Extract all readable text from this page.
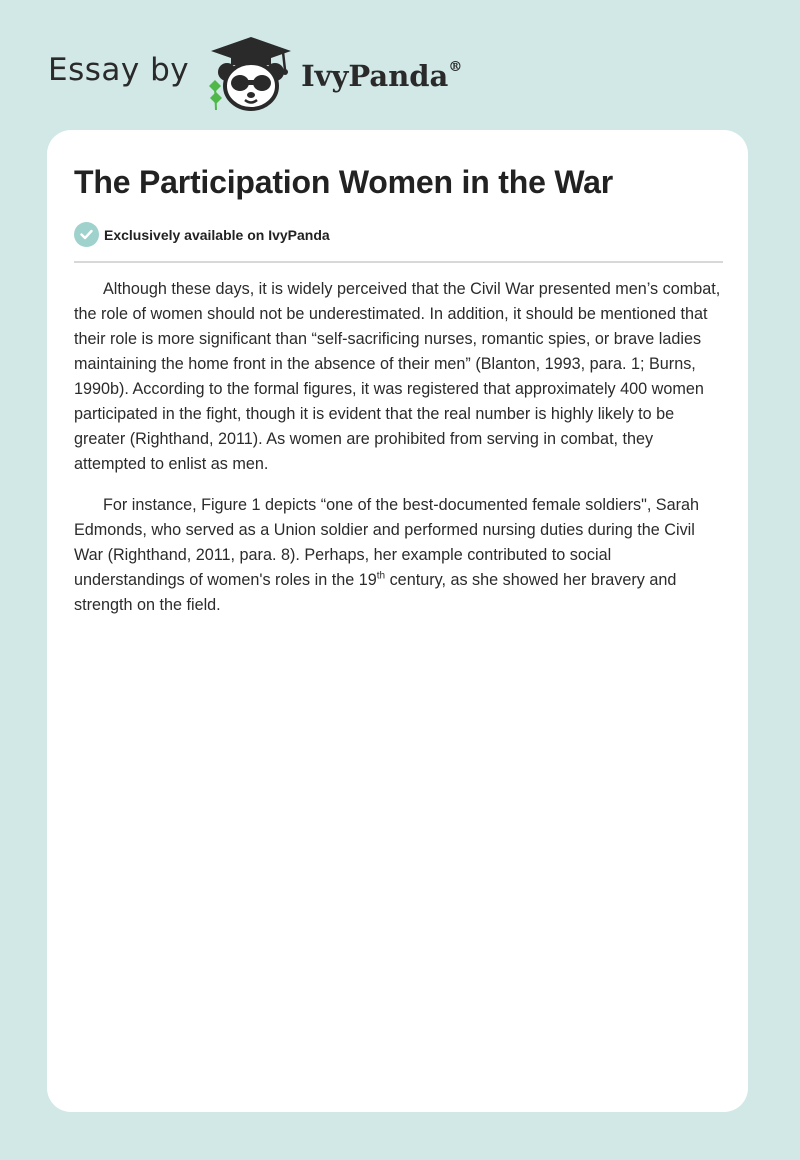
Essay by	IvyPanda®
The Participation Women in the War
Exclusively available on IvyPanda

Although these days, it is widely perceived that the Civil War presented men’s combat, the role of women should not be underestimated. In addition, it should be mentioned that their role is more significant than “self-sacrificing nurses, romantic spies, or brave ladies maintaining the home front in the absence of their men” (Blanton, 1993, para. 1; Burns, 1990b). According to the formal figures, it was registered that approximately 400 women participated in the fight, though it is evident that the real number is highly likely to be greater (Righthand, 2011). As women are prohibited from serving in combat, they attempted to enlist as men.

For instance, Figure 1 depicts “one of the best-documented female soldiers", Sarah Edmonds, who served as a Union soldier and performed nursing duties during the Civil War (Righthand, 2011, para. 8). Perhaps, her example contributed to social understandings of women's roles in the 19th century, as she showed her bravery and strength on the field.
